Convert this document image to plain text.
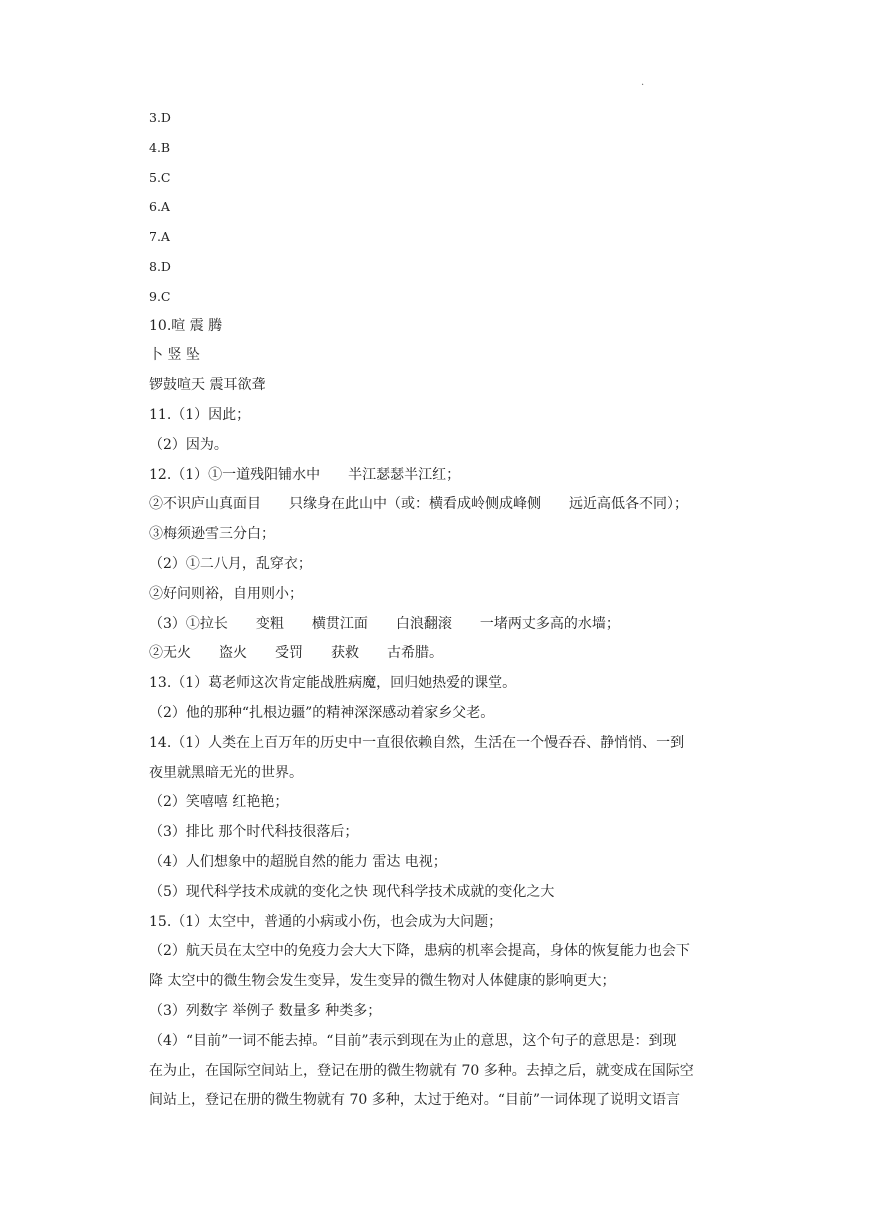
.
3.D
4.B
5.C
6.A
7.A
8.D
9.C
10.喧 震 腾
卜 竖 坠
锣鼓喧天 震耳欲聋
11.（1）因此；
（2）因为。
12.（1）①一道残阳铺水中　　半江瑟瑟半江红；
②不识庐山真面目　　只缘身在此山中（或：横看成岭侧成峰侧　　远近高低各不同）；
③梅须逊雪三分白；
（2）①二八月，乱穿衣；
②好问则裕，自用则小；
（3）①拉长　　变粗　　横贯江面　　白浪翻滚　　一堵两丈多高的水墙；
②无火　　盗火　　受罚　　获救　　古希腊。
13.（1）葛老师这次肯定能战胜病魔，回归她热爱的课堂。
（2）他的那种“扎根边疆”的精神深深感动着家乡父老。
14.（1）人类在上百万年的历史中一直很依赖自然，生活在一个慢吞吞、静悄悄、一到
夜里就黑暗无光的世界。
（2）笑嘻嘻 红艳艳；
（3）排比 那个时代科技很落后；
（4）人们想象中的超脱自然的能力 雷达 电视；
（5）现代科学技术成就的变化之快 现代科学技术成就的变化之大
15.（1）太空中，普通的小病或小伤，也会成为大问题；
（2）航天员在太空中的免疫力会大大下降，患病的机率会提高，身体的恢复能力也会下
降 太空中的微生物会发生变异，发生变异的微生物对人体健康的影响更大；
（3）列数字 举例子 数量多 种类多；
（4）“目前”一词不能去掉。“目前”表示到现在为止的意思，这个句子的意思是：到现
在为止，在国际空间站上，登记在册的微生物就有 70 多种。去掉之后，就变成在国际空
间站上，登记在册的微生物就有 70 多种，太过于绝对。“目前”一词体现了说明文语言
